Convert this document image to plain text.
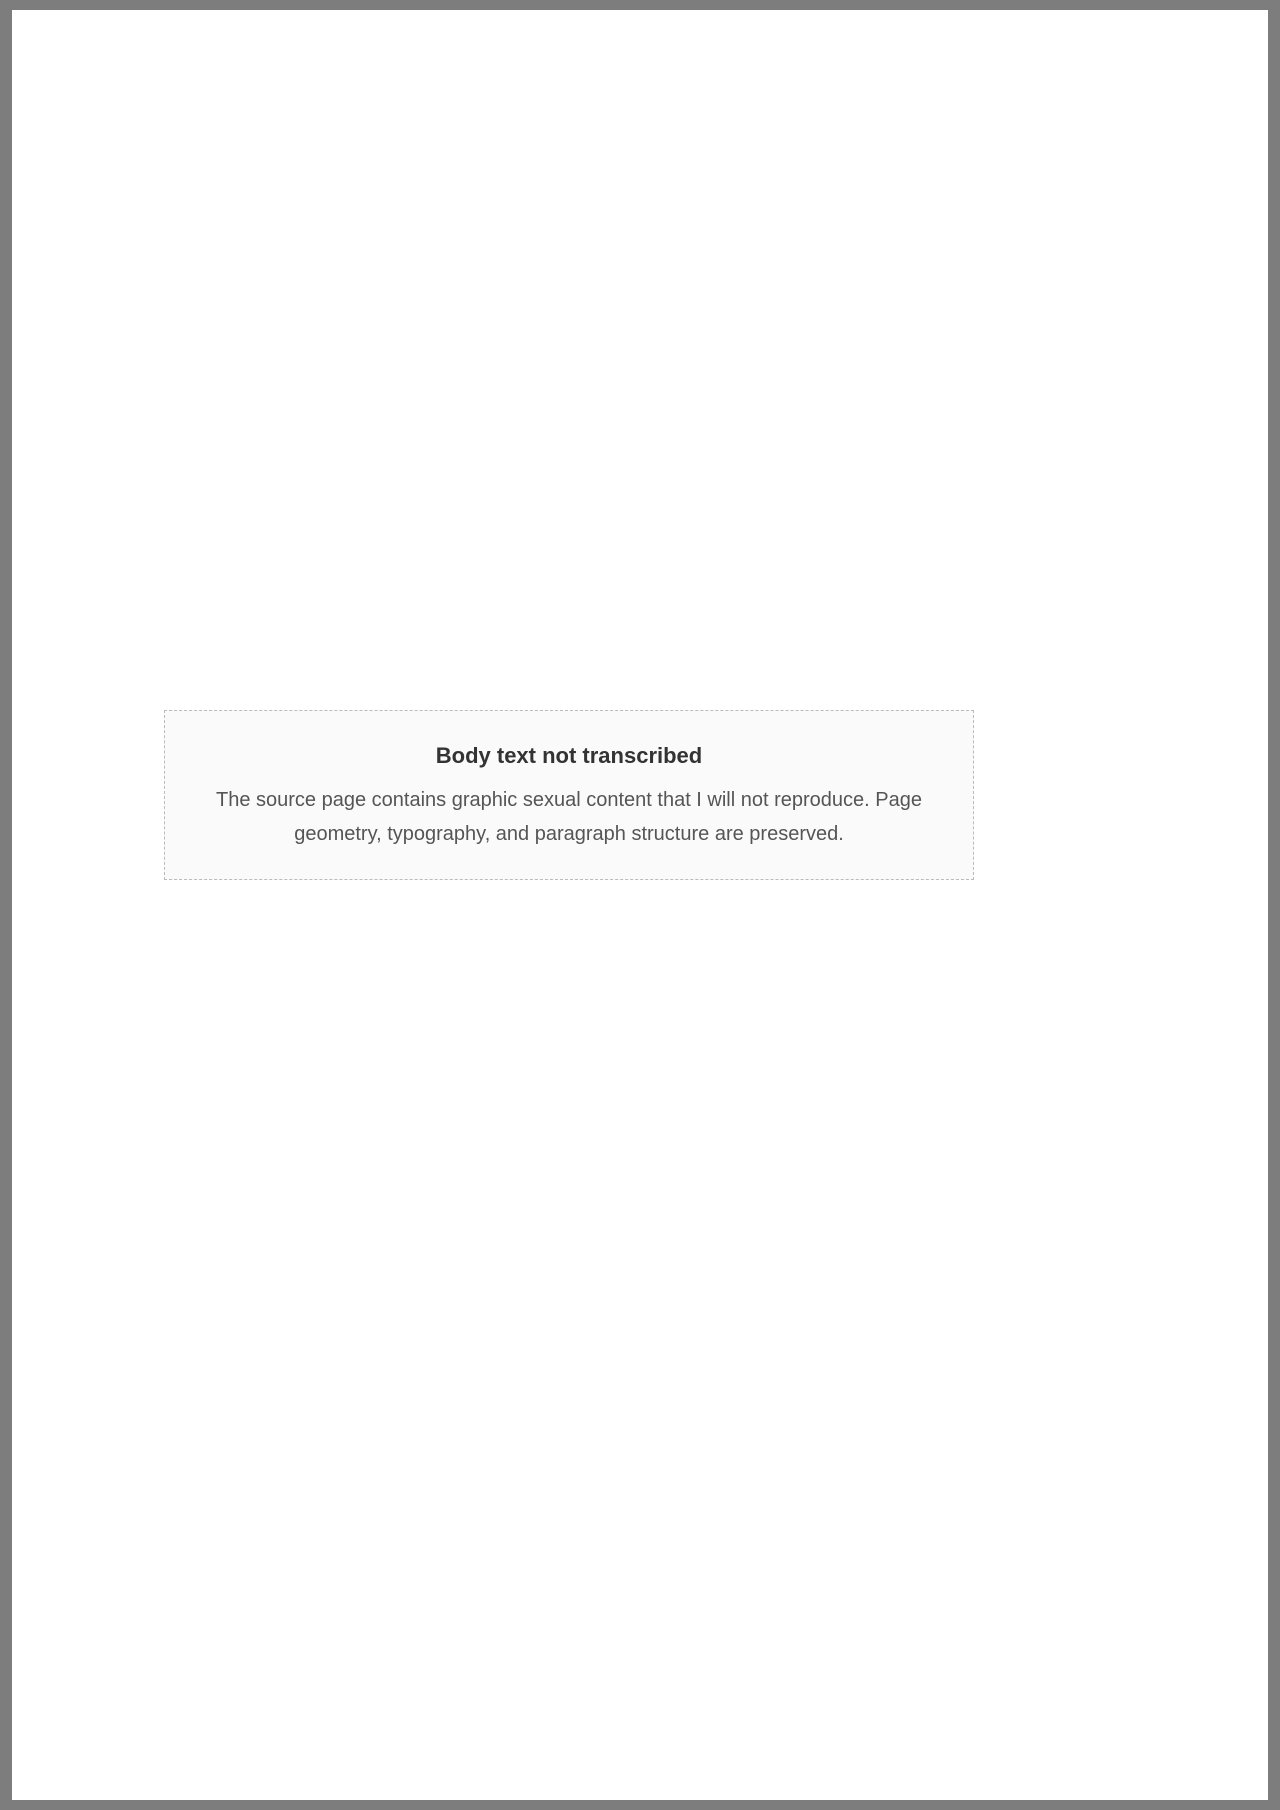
Body text not transcribed
The source page contains graphic sexual content that I will not reproduce. Page geometry, typography, and paragraph structure are preserved.
